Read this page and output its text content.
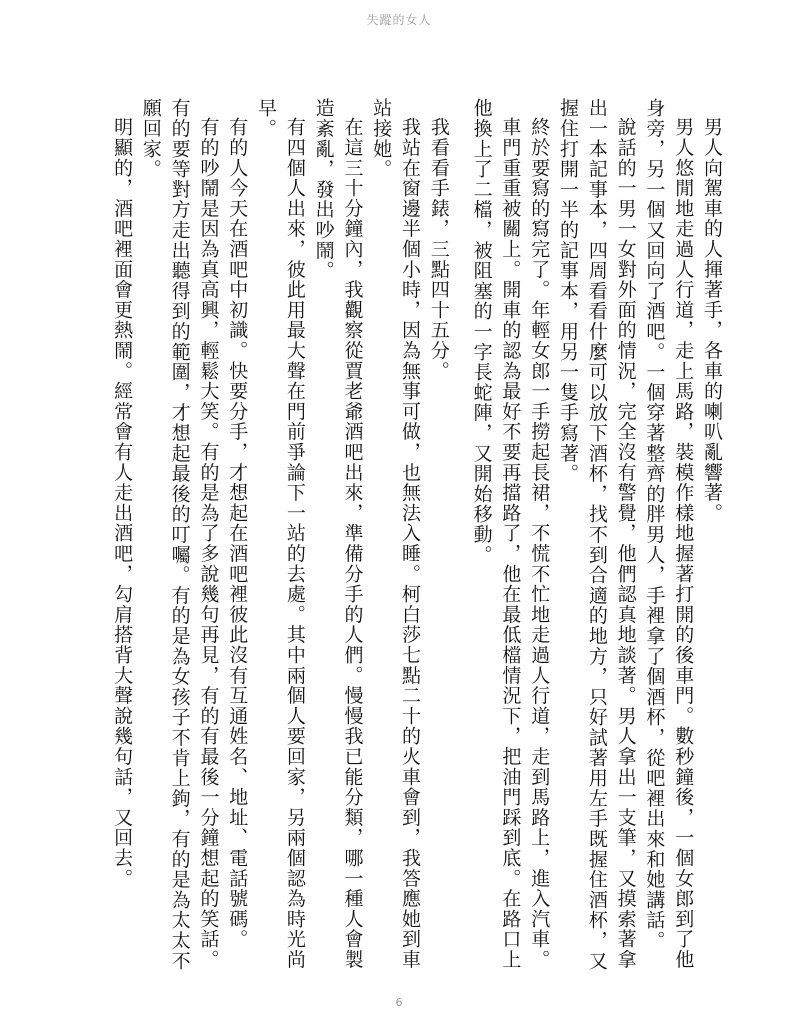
失蹤的女人

男人向駕車的人揮著手，各車的喇叭亂響著。

男人悠閒地走過人行道，走上馬路，裝模作樣地握著打開的後車門。數秒鐘後，一個女郎到了他身旁，另一個又回向了酒吧。一個穿著整齊的胖男人，手裡拿了個酒杯，從吧裡出來和她講話。

說話的一男一女對外面的情況，完全沒有警覺，他們認真地談著。男人拿出一支筆，又摸索著拿出一本記事本，四周看看什麼可以放下酒杯，找不到合適的地方，只好試著用左手既握住酒杯，又握住打開一半的記事本，用另一隻手寫著。

終於要寫的寫完了。年輕女郎一手撈起長裙，不慌不忙地走過人行道，走到馬路上，進入汽車。

車門重重被關上。開車的認為最好不要再擋路了，他在最低檔情況下，把油門踩到底。在路口上他換上了二檔，被阻塞的一字長蛇陣，又開始移動。

我看看手錶，三點四十五分。

我站在窗邊半個小時，因為無事可做，也無法入睡。柯白莎七點二十的火車會到，我答應她到車站接她。

在這三十分鐘內，我觀察從賈老爺酒吧出來，準備分手的人們。慢慢我已能分類，哪一種人會製造紊亂，發出吵鬧。

有四個人出來，彼此用最大聲在門前爭論下一站的去處。其中兩個人要回家，另兩個認為時光尚早。

有的人今天在酒吧中初識。快要分手，才想起在酒吧裡彼此沒有互通姓名、地址、電話號碼。

有的吵鬧是因為真高興，輕鬆大笑。有的是為了多說幾句再見，有的有最後一分鐘想起的笑話。有的要等對方走出聽得到的範圍，才想起最後的叮囑。有的是為女孩子不肯上鉤，有的是為太太不願回家。

明顯的，酒吧裡面會更熱鬧。經常會有人走出酒吧，勾肩搭背大聲說幾句話，又回去。

6
